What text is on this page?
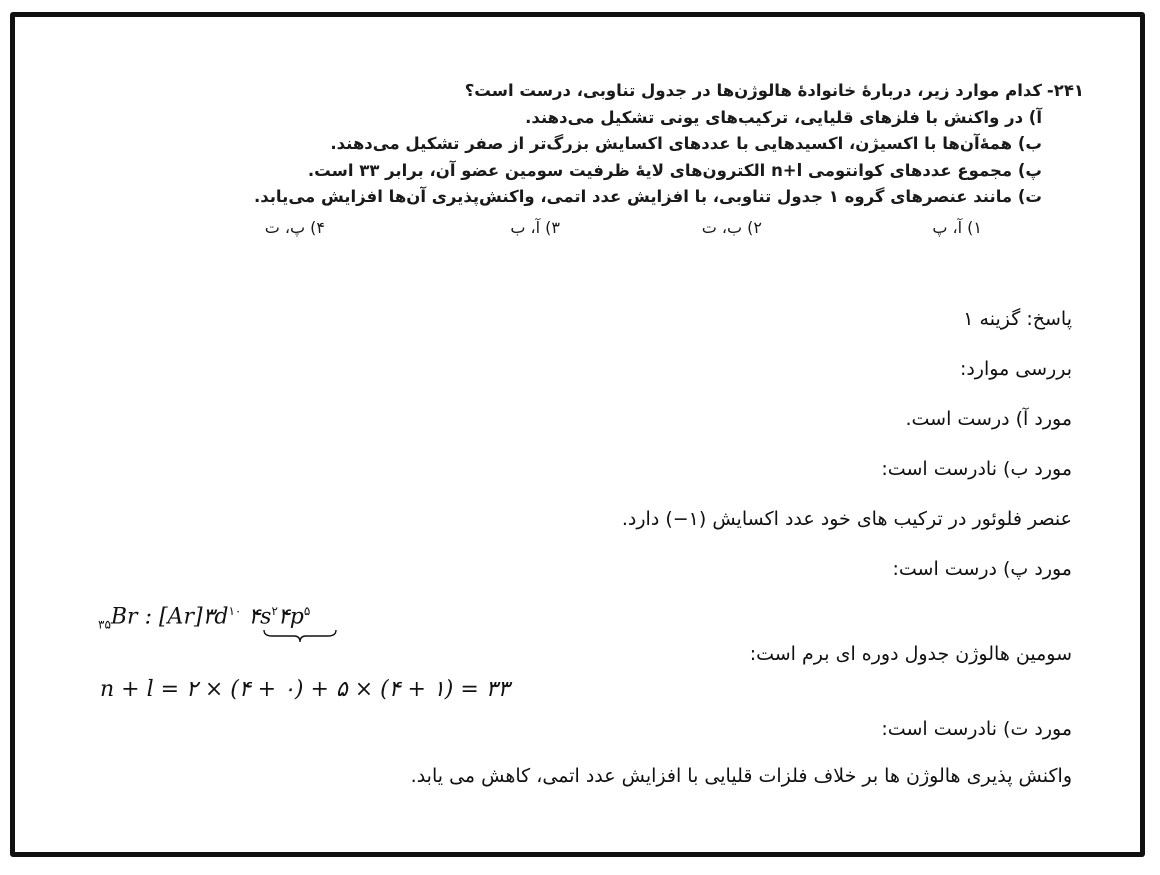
۲۴۱-
کدام موارد زیر، دربارهٔ خانوادهٔ هالوژن‌ها در جدول تناوبی، درست است؟
آ) در واکنش با فلزهای قلیایی، ترکیب‌های یونی تشکیل می‌دهند.
ب) همهٔ‌آن‌ها با اکسیژن، اکسیدهایی با عددهای اکسایش بزرگ‌تر از صفر تشکیل می‌دهند.
پ) مجموع عددهای کوانتومی n+l الکترون‌های لایهٔ ظرفیت سومین عضو آن، برابر ۳۳ است.
ت) مانند عنصرهای گروه ۱ جدول تناوبی، با افزایش عدد اتمی، واکنش‌پذیری آن‌ها افزایش می‌یابد.
۱) آ، پ
۲) ب، ت
۳) آ، ب
۴) پ، ت
پاسخ: گزینه ۱
بررسی موارد:
مورد آ) درست است.
مورد ب) نادرست است:
عنصر فلوئور در ترکیب های خود عدد اکسایش (۱−) دارد.
مورد پ) درست است:
$_{۳۵}$Br : $[Ar]۳d^{۱۰}$ $۴s^۲۴p^۵$
سومین هالوژن جدول دوره ای برم است:
n + l = ۲ × (۴ + ۰) + ۵ × (۴ + ۱) = ۳۳
مورد ت) نادرست است:
واکنش پذیری هالوژن ها بر خلاف فلزات قلیایی با افزایش عدد اتمی، کاهش می یابد.
